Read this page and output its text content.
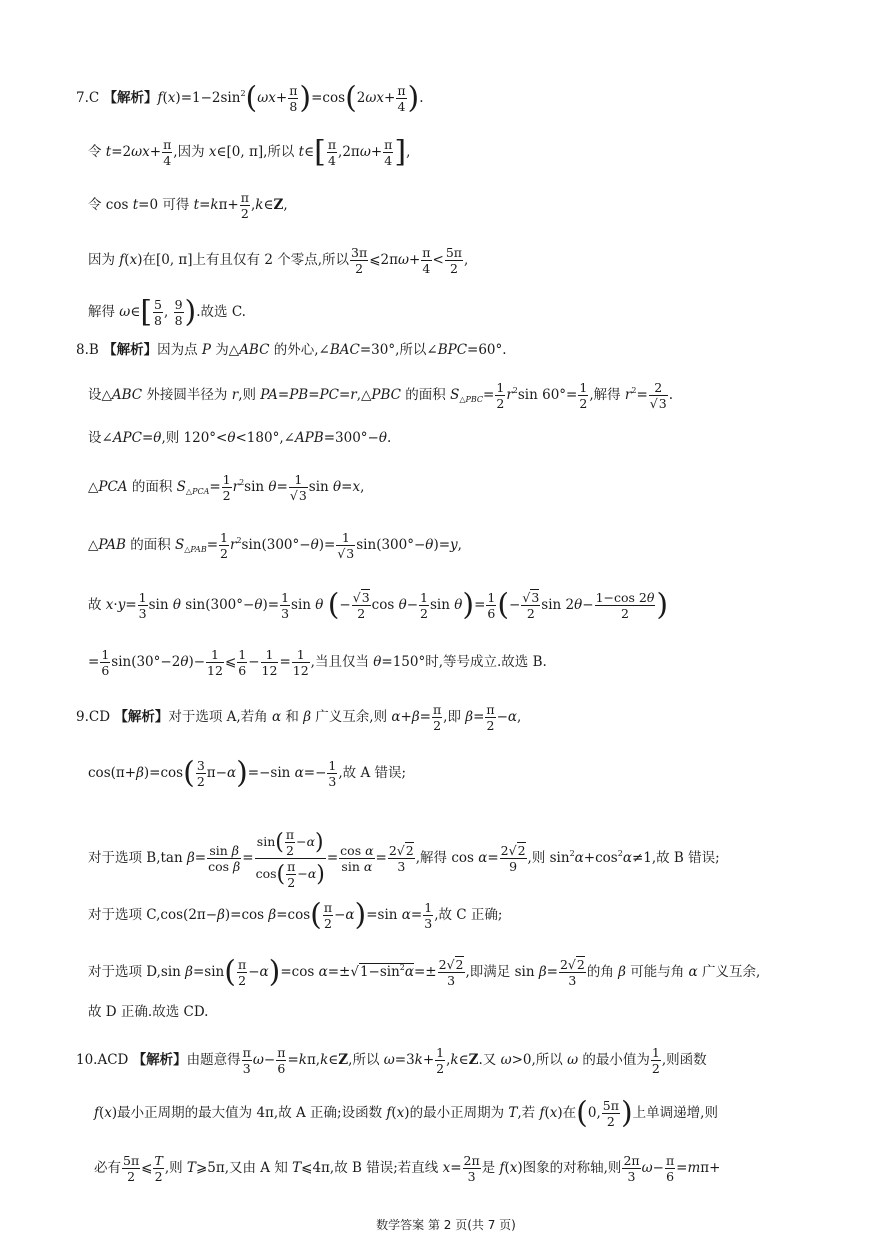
7.C 【解析】$f(x)=1-2\sin^2(\omega x+ \frac{\pi}{8} )=\cos(2\omega x+ \frac{\pi}{4}$ ).
令 $t=2\omega x+ \frac{\pi}{4}$ ,因为 x∈[0, π],所以 t∈[ $\frac{\pi}{4} ,2\pi\omega+ \frac{\pi}{4}$ ],
令 cos t=0 可得 $t=k\pi+ \frac{\pi}{2}$ ,k∈Z,
因为 f(x)在[0, π]上有且仅有 2 个零点,所以 $\frac{3\pi}{2}$ ⩽2πω+ $\frac{\pi}{4} < \frac{5\pi}{2}$ ,
解得 ω∈[ $\frac{5}{8}$ , $\frac{9}{8}$ ).故选 C.
8.B 【解析】因为点 P 为△ABC 的外心,∠BAC=30°,所以∠BPC=60°.
设△ABC 外接圆半径为 r,则 PA=PB=PC=r,△PBC 的面积 $S_{\triangle PBC}= \frac{1}{2} r^2\sin$ $60^\circ= \frac{1}{2}$ ,解得 $r^2= \frac{2}{√3}$ .
设∠APC=θ,则 120°<θ<180°,∠APB=300°−θ.
△PCA 的面积 $S_{\triangle PCA}= \frac{1}{2} r^2\sin$ $\theta= \frac{1}{√3}$ sin θ=x,
△PAB 的面积 $S_{\triangle PAB}= \frac{1}{2} r^2\sin(300^\circ-\theta)= \frac{1}{√3} \sin(300^\circ-\theta)=y$,
故 $x\cdot y= \frac{1}{3}$ sin θ $\sin(300^\circ-\theta)= \frac{1}{3}$ sin θ (− $\frac{√3}{2}$ $\cos \theta- \frac{1}{2}$ $\sin \theta)= \frac{1}{6}$ (− $\frac{√3}{2}$ $\sin 2\theta- \frac{1-\cos 2\theta}{2}$ )
= $\frac{1}{6} \sin(30^\circ-2\theta)- \frac{1}{12}$ ⩽ $\frac{1}{6} - \frac{1}{12} = \frac{1}{12}$ ,当且仅当 θ=150°时,等号成立.故选 B.
9.CD 【解析】对于选项 A,若角 α 和 β 广义互余,则 $\alpha+\beta= \frac{\pi}{2}$ ,即 $\beta= \frac{\pi}{2} -\alpha$,
$\cos(\pi+\beta)=\cos( \frac{3}{2} \pi-\alpha)=-\sin$ $\alpha=- \frac{1}{3}$ ,故 A 错误;
对于选项 B,tan $\beta= \frac{\text{sin β}}{\text{cos β}} = \frac{\sin( \frac{\pi}{2} -\alpha)}{\cos( \frac{\pi}{2} -\alpha)} = \frac{\text{cos α}}{\text{sin α}} = \frac{2√2}{3}$ ,解得 $\cos \alpha= \frac{2√2}{9}$ ,则 $\sin^2\alpha+\cos^2\alpha\ne 1$,故 B 错误;
对于选项 C,cos(2π−β)=cos $\beta=\cos( \frac{\pi}{2} -\alpha)=\sin$ $\alpha= \frac{1}{3}$ ,故 C 正确;
对于选项 D,sin $\beta=\sin( \frac{\pi}{2} -\alpha)=\cos$ $\alpha=\pm√1-\sin^2\alpha=\pm \frac{2√2}{3}$ ,即满足 $\sin \beta= \frac{2√2}{3}$ 的角 β 可能与角 α 广义互余,
故 D 正确.故选 CD.
10.ACD 【解析】由题意得 $\frac{\pi}{3} \omega- \frac{\pi}{6}$ =kπ,k∈Z,所以 $\omega=3k+ \frac{1}{2}$ ,k∈Z.又 ω>0,所以 ω 的最小值为 $\frac{1}{2}$ ,则函数
f(x)最小正周期的最大值为 4π,故 A 正确;设函数 f(x)的最小正周期为 T,若 f(x)在(0, $\frac{5\pi}{2}$ )上单调递增,则
必有 $\frac{5\pi}{2}$ ⩽ $\frac{T}{2}$ ,则 T⩾5π,又由 A 知 T⩽4π,故 B 错误;若直线 $x= \frac{2\pi}{3}$ 是 f(x)图象的对称轴,则 $\frac{2\pi}{3} \omega- \frac{\pi}{6} =m\pi+$
数学答案 第 2 页(共 7 页)
